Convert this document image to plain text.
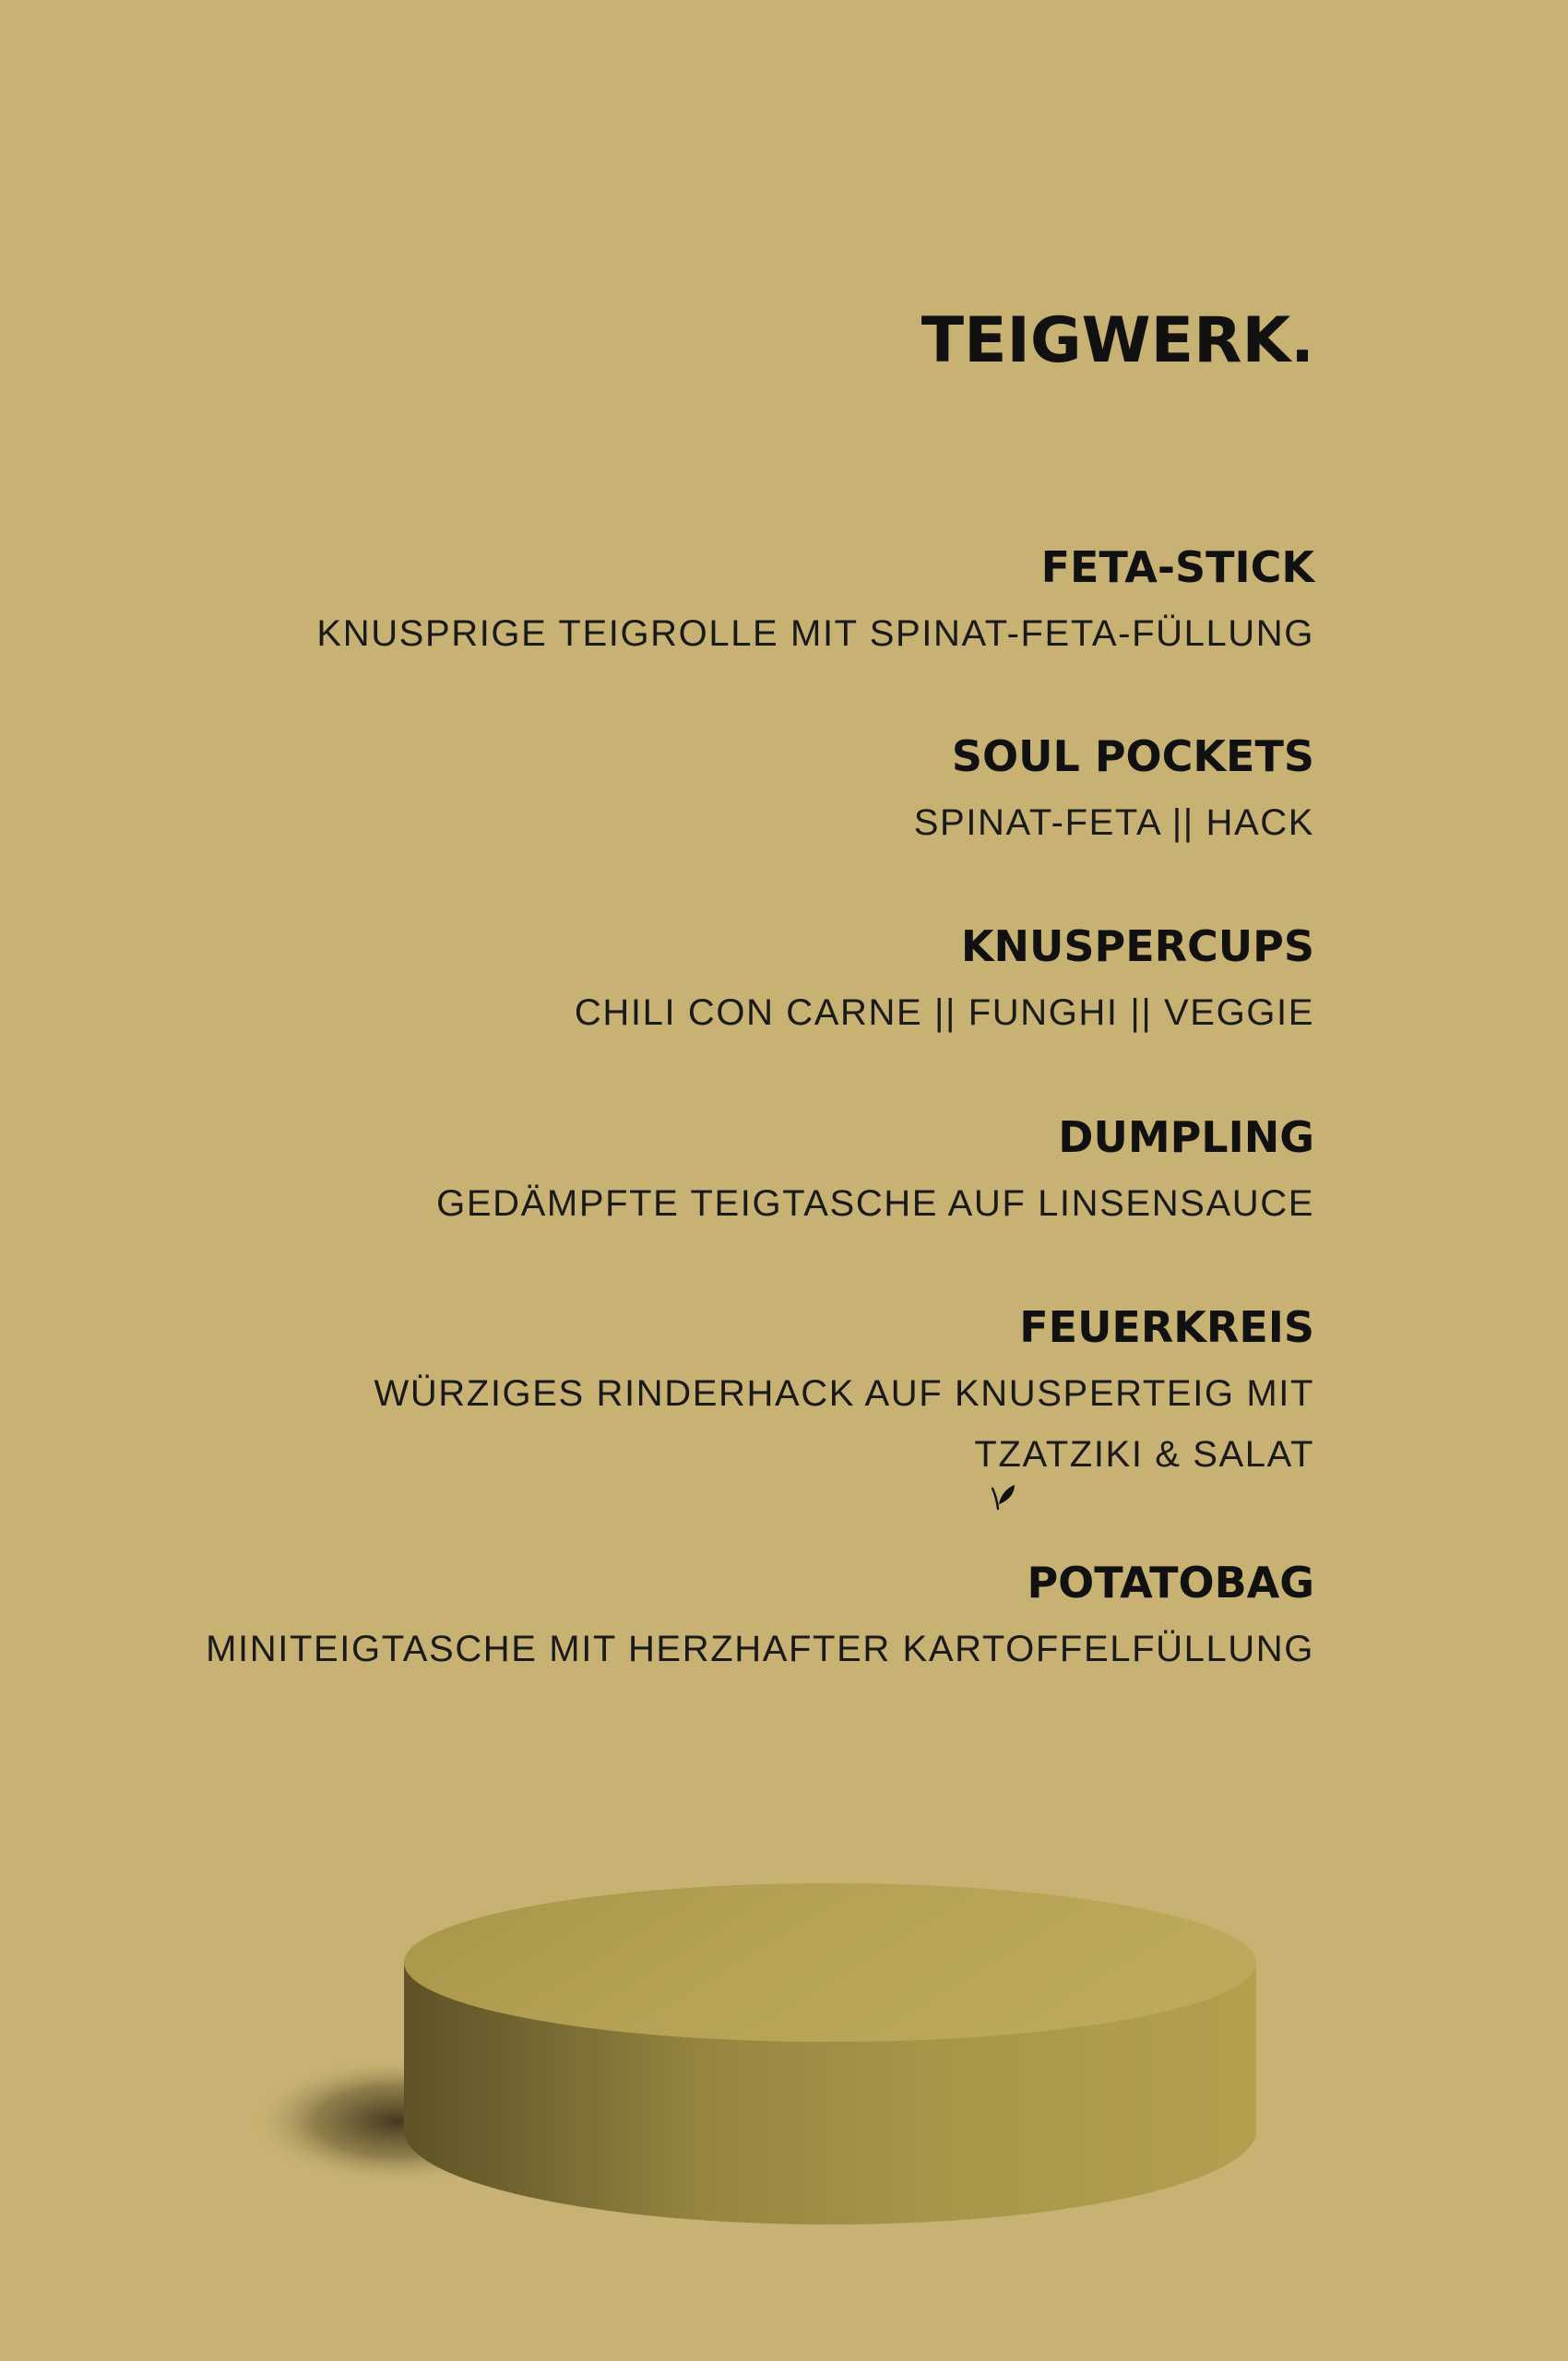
TEIGWERK.
FETA-STICK

KNUSPRIGE TEIGROLLE MIT SPINAT-FETA-FÜLLUNG

SOUL POCKETS

SPINAT-FETA || HACK

KNUSPERCUPS

CHILI CON CARNE || FUNGHI || VEGGIE

DUMPLING

GEDÄMPFTE TEIGTASCHE AUF LINSENSAUCE

FEUERKREIS

WÜRZIGES RINDERHACK AUF KNUSPERTEIG MIT
TZATZIKI & SALAT

POTATOBAG

MINITEIGTASCHE MIT HERZHAFTER KARTOFFELFÜLLUNG
